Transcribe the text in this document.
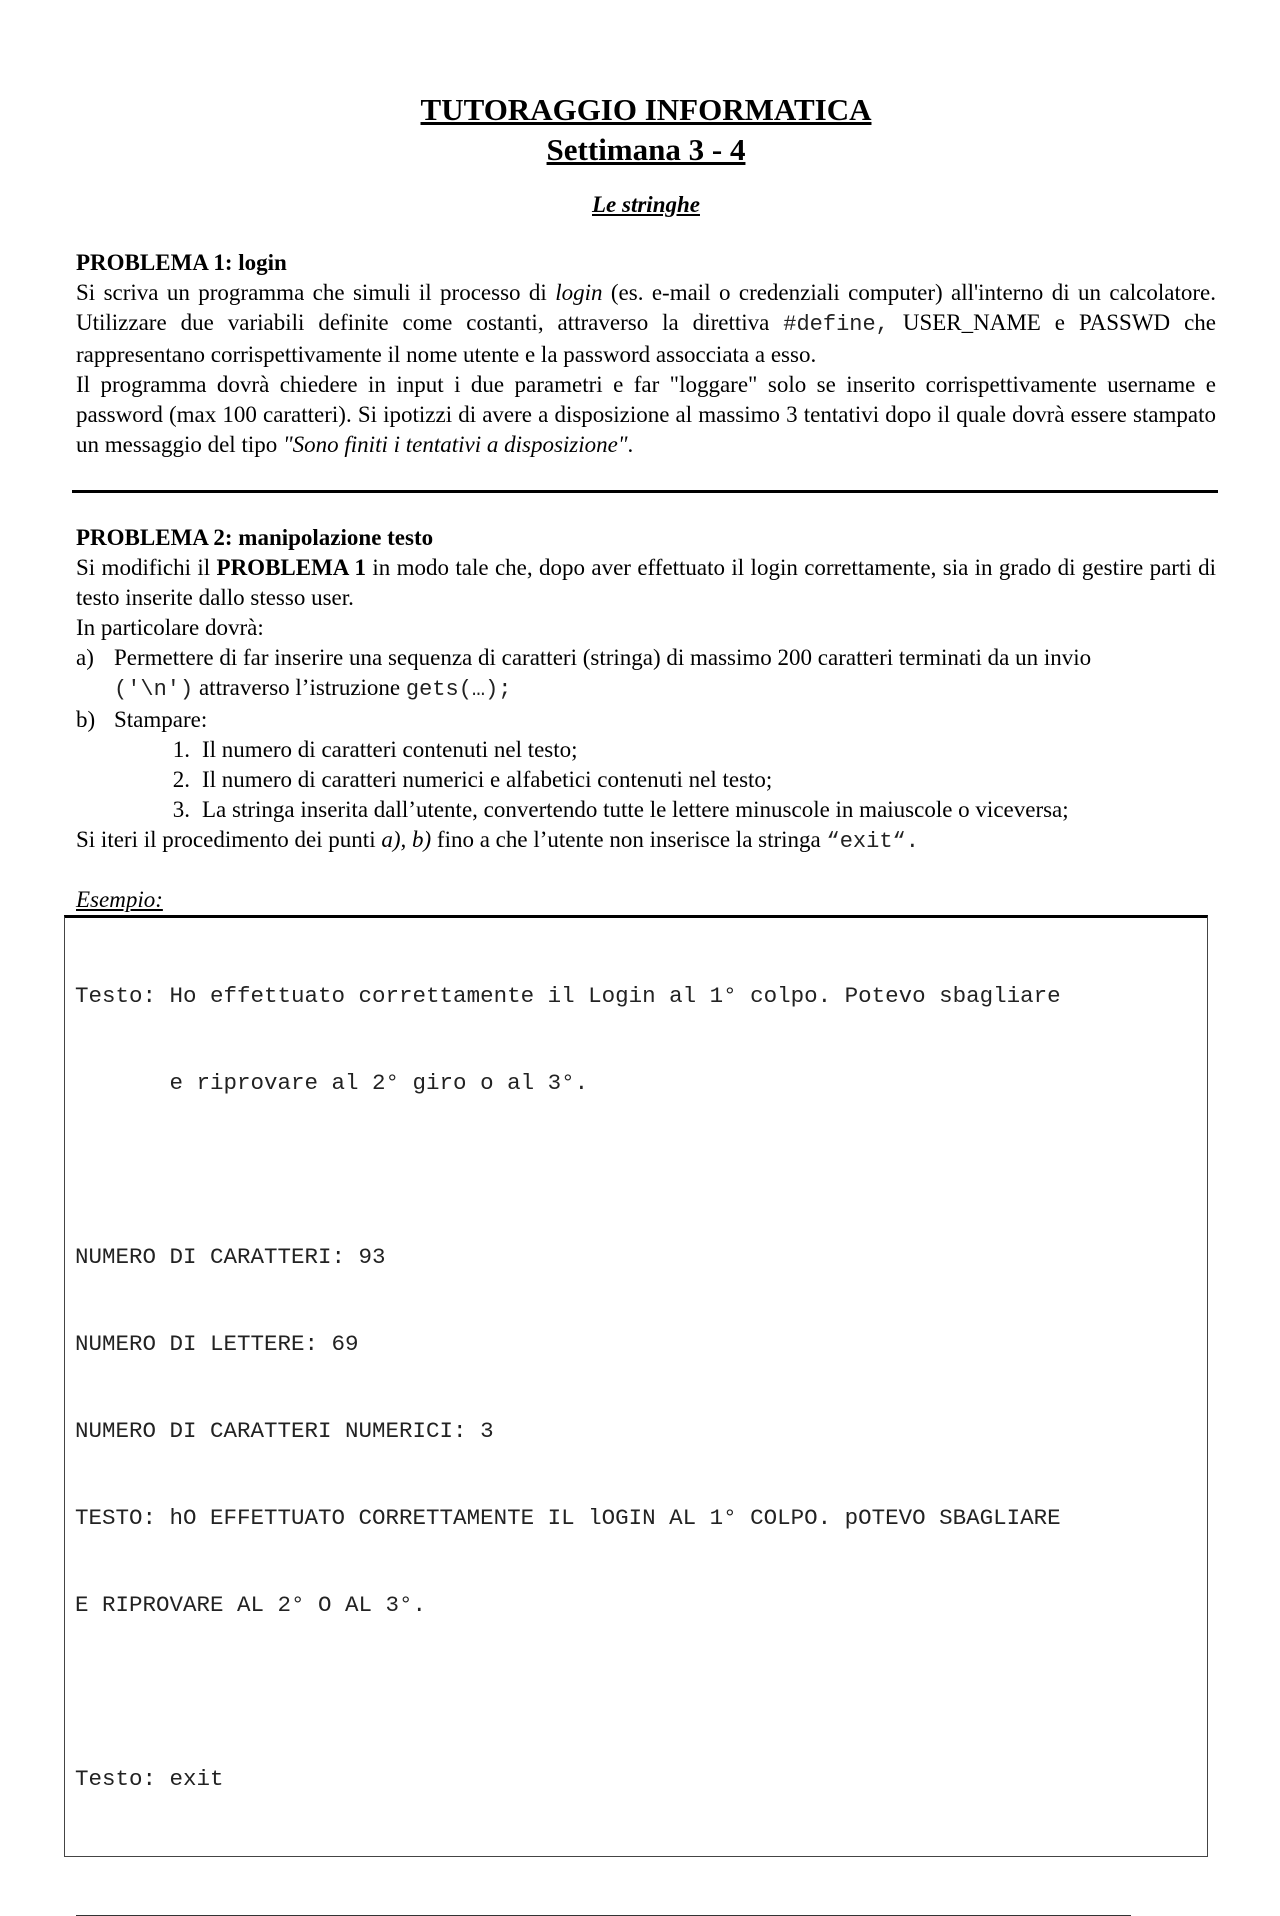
TUTORAGGIO INFORMATICA
Settimana 3 - 4
Le stringhe
PROBLEMA 1: login
Si scriva un programma che simuli il processo di login (es. e-mail o credenziali computer) all'interno di un calcolatore. Utilizzare due variabili definite come costanti, attraverso la direttiva #define, USER_NAME e PASSWD che rappresentano corrispettivamente il nome utente e la password assocciata a esso.
Il programma dovrà chiedere in input i due parametri e far "loggare" solo se inserito corrispettivamente username e password (max 100 caratteri). Si ipotizzi di avere a disposizione al massimo 3 tentativi dopo il quale dovrà essere stampato un messaggio del tipo "Sono finiti i tentativi a disposizione".
PROBLEMA 2: manipolazione testo
Si modifichi il PROBLEMA 1 in modo tale che, dopo aver effettuato il login correttamente, sia in grado di gestire parti di testo inserite dallo stesso user.
In particolare dovrà:
a) Permettere di far inserire una sequenza di caratteri (stringa) di massimo 200 caratteri terminati da un invio
('\n') attraverso l’istruzione gets(…);
b) Stampare:
1. Il numero di caratteri contenuti nel testo;
2. Il numero di caratteri numerici e alfabetici contenuti nel testo;
3. La stringa inserita dall’utente, convertendo tutte le lettere minuscole in maiuscole o viceversa;
Si iteri il procedimento dei punti a), b) fino a che l’utente non inserisce la stringa “exit“.
Esempio:

Testo: Ho effettuato correttamente il Login al 1° colpo. Potevo sbagliare

e riprovare al 2° giro o al 3°.

NUMERO DI CARATTERI: 93

NUMERO DI LETTERE: 69

NUMERO DI CARATTERI NUMERICI: 3

TESTO: hO EFFETTUATO CORRETTAMENTE IL lOGIN AL 1° COLPO. pOTEVO SBAGLIARE

E RIPROVARE AL 2° O AL 3°.

Testo: exit
